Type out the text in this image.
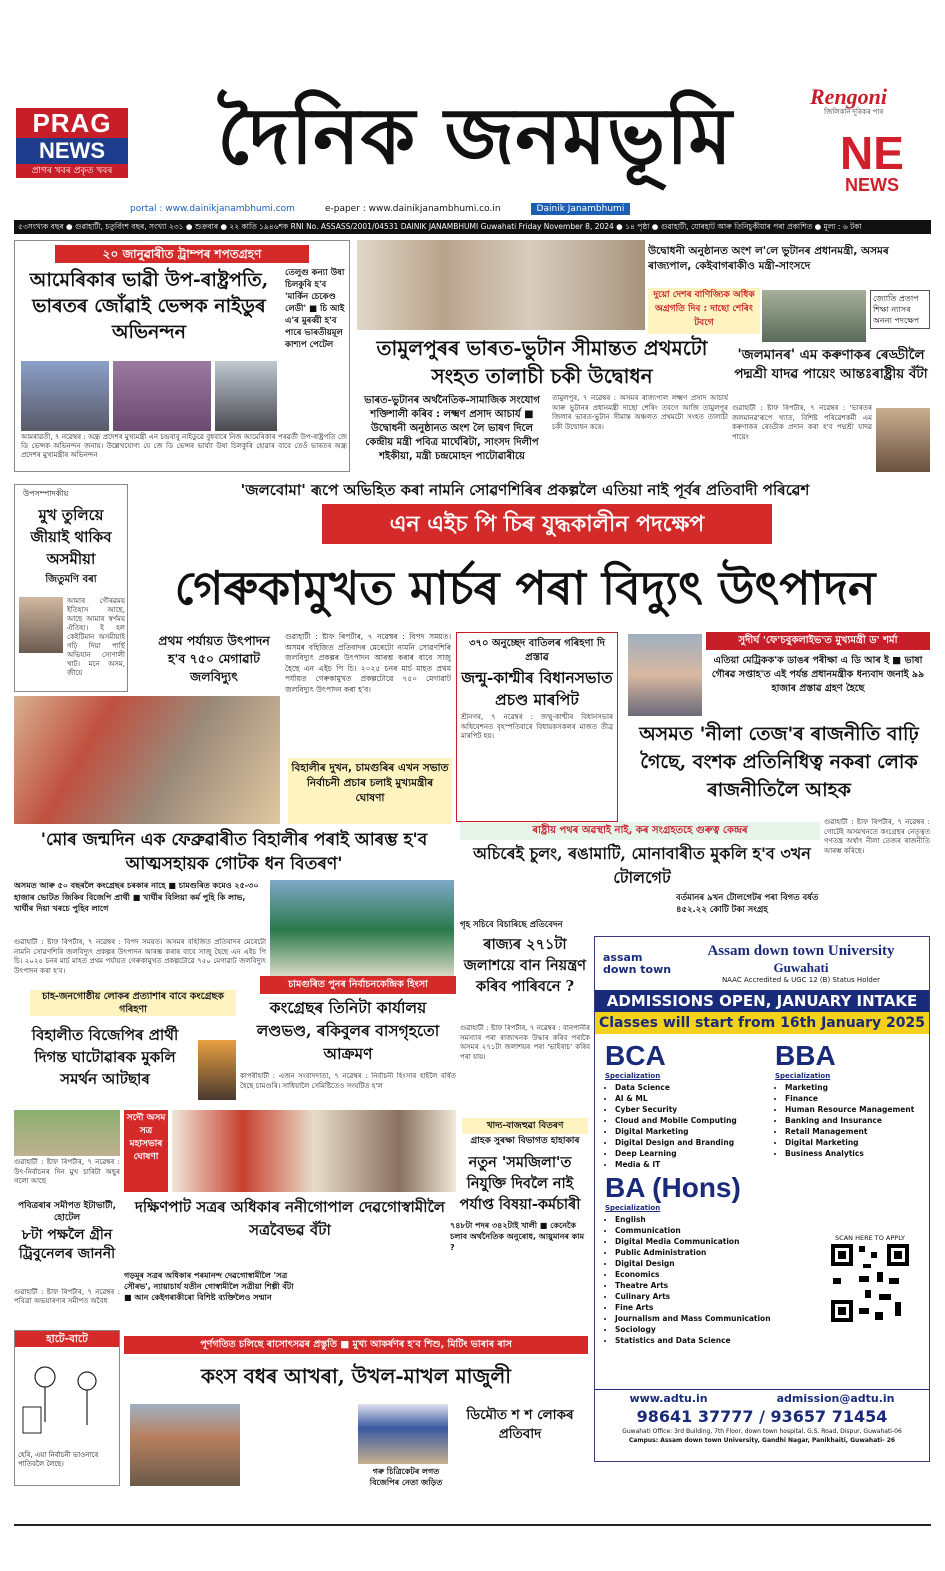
PRAG
NEWS
প্ৰাগৰ খবৰ প্ৰকৃত খবৰ	দৈনিক জনমভূমি	Rengoni
জিলিকনি দূৰিকৰ পাৰ
NE
NEWS
portal : www.dainikjanambhumi.com	e-paper : www.dainikjanambhumi.co.in	Dainik Janambhumi
৫৩সংখ্যক বছৰ ● গুৱাহাটী, চতুৰ্বিংশ বছৰ, সংখ্যা ২৩১ ● শুক্ৰবাৰ ● ২২ কাতি ১৯৪৬শক RNI No. ASSASS/2001/04531 DAINIK JANAMBHUMI Guwahati Friday November 8, 2024 ● ১৪ পৃষ্ঠা ● গুৱাহাটী, যোৰহাট আৰু তিনিচুকীয়াৰ পৰা প্ৰকাশিত ● মূল্য : ৬ টকা
২০ জানুৱাৰীত ট্ৰাম্পৰ শপতগ্ৰহণ
আমেৰিকাৰ ভাৱী উপ-ৰাষ্ট্ৰপতি, ভাৰতৰ জোঁৱাই ভেন্সক নাইডুৰ অভিনন্দন
তেলুগু কন্যা উষা চিলকুৰি হ'ব 'মাৰ্কিন চেকেণ্ড লেডী' ■ চি আই এ'ৰ মুৰব্বী হ'ব পাৰে ভাৰতীয়মূল কাশ্যপ পেটেল
আমৰাৱতী, ৭ নৱেম্বৰ : অন্ধ্ৰ প্ৰদেশৰ মুখ্যমন্ত্ৰী এন চন্দ্ৰবাবু নাইডুৱে বুধবাৰে নিজ আমেৰিকাৰ পৰৱৰ্তী উপ-ৰাষ্ট্ৰপতি জে ডি ভেন্সক অভিনন্দন জনায়। উল্লেখযোগ্য যে জে ডি ভেন্সৰ ভাৰ্য্যা উষা চিলকুৰি হোৱাৰ বাবে তেওঁ ভাৰতৰ অন্ধ্ৰ প্ৰদেশৰ মুখ্যমন্ত্ৰীৰ অভিনন্দন
তামুলপুৰৰ ভাৰত-ভুটান সীমান্তত প্ৰথমটো সংহত তালাচী চকী উদ্বোধন
ভাৰত-ভুটানৰ অৰ্থনৈতিক-সামাজিক সংযোগ শক্তিশালী কৰিব : লক্ষ্মণ প্ৰসাদ আচাৰ্য ■ উদ্বোধনী অনুষ্ঠানত অংশ লৈ ভাষণ দিলে কেন্দ্ৰীয় মন্ত্ৰী পবিত্ৰ মাৰ্ঘেৰিটা, সাংসদ দিলীপ শইকীয়া, মন্ত্ৰী চন্দ্ৰমোহন পাটোৱাৰীয়ে
তামুলপুৰ, ৭ নৱেম্বৰ : অসমৰ ৰাজ্যপাল লক্ষ্মণ প্ৰসাদ আচাৰ্য আৰু ভুটানৰ প্ৰধানমন্ত্ৰী দাছো শেৰিং তবগে আজি তামুলপুৰ জিলাৰ ভাৰত-ভুটান সীমান্ত অঞ্চলত প্ৰথমটো সংহত তালাচী চকী উদ্বোধন কৰে।
উদ্বোধনী অনুষ্ঠানত অংশ ল'লে ভুটানৰ প্ৰধানমন্ত্ৰী, অসমৰ ৰাজ্যপাল, কেইবাগৰাকীও মন্ত্ৰী-সাংসদে
দুয়ো দেশৰ বাণিজ্যিক অধিক অগ্ৰগতি দিব : দাছো শেৰিং টবগে
জ্যোতি প্ৰতাপ শিক্ষা ন্যাসৰ অনন্য পদক্ষেপ
'জলমানৰ' এম কৰুণাকৰ ৰেড্ডীলৈ পদ্মশ্ৰী যাদৱ পায়েং আন্তঃৰাষ্ট্ৰীয় বঁটা
গুৱাহাটী : ষ্টাফ ৰিপৰ্টাৰ, ৭ নৱেম্বৰ : 'ভাৰতৰ জলমানৱ'ৰূপে খ্যাত, বিশিষ্ট পৰিৱেশকৰ্মী এম কৰুণাকৰ ৰেড্ডীক প্ৰদান কৰা হ'ব পদ্মশ্ৰী যাদৱ পায়েং
'জলবোমা' ৰূপে অভিহিত কৰা নামনি সোৱণশিৰিৰ প্ৰকল্পলৈ এতিয়া নাই পূৰ্বৰ প্ৰতিবাদী পৰিৱেশ
এন এইচ পি চিৰ যুদ্ধকালীন পদক্ষেপ
গেৰুকামুখত মাৰ্চৰ পৰা বিদ্যুৎ উৎপাদন
উপসম্পাদকীয়
মুখ তুলিয়ে জীয়াই থাকিব অসমীয়া
জিতুমণি বৰা
আমাৰ গৌৰৱময় ইতিহাস আছে, আছে আমাৰ স্বৰ্ণময় ঐতিহ্য। ই হল কেইটিমান অসমীয়াই গঢ়ি দিয়া পাৰ্ছি অভিযান সোণালী খাট। মনে অসম, জীয়ে
প্ৰথম পৰ্যায়ত উৎপাদন হ'ব ৭৫০ মেগাৱাট জলবিদ্যুৎ
গুৱাহাটী : ষ্টাফ ৰিপৰ্টাৰ, ৭ নৱেম্বৰ : বিপদ সময়ত। অসমৰ বহিজিত প্ৰতিবাদৰ মেৰেটো নামনি সোৱণশিৰি জলবিদ্যুৎ প্ৰকল্পৰ উৎপাদন আৰম্ভ কৰাৰ বাবে সাজু হৈছে এন এইচ পি চি। ২০২৫ চনৰ মাৰ্চ মাহত প্ৰথম পৰ্যায়ত গেৰুকামুখত প্ৰকল্পটোৱে ৭৫০ মেগাৱাট জলবিদ্যুৎ উৎপাদন কৰা হ'ব।
বিহালীৰ দুখন, চামগুৰিৰ এখন সভাত নিৰ্বাচনী প্ৰচাৰ চলাই মুখ্যমন্ত্ৰীৰ ঘোষণা
৩৭০ অনুচ্ছেদ বাতিলৰ গৰিহণা দি প্ৰস্তাৱ
জন্মু-কাশ্মীৰ বিধানসভাত প্ৰচণ্ড মাৰপিট
শ্ৰীনগৰ, ৭ নৱেম্বৰ : জম্মু-কাশ্মীৰ বিধানসভাৰ অধিবেশনত বৃহস্পতিবাৰে বিধায়কসকলৰ মাজত তীব্ৰ মাৰপিট হয়।
সুদীৰ্ঘ 'ফে'চবুকলাইভ'ত মুখ্যমন্ত্ৰী ড' শৰ্মা
এতিয়া মেট্ৰিকক'ক ডাঙৰ পৰীক্ষা এ ডি আৰ ই ■ ভাষা গৌৰৱ সপ্তাহ'ত এই পৰ্যন্ত প্ৰধানমন্ত্ৰীক ধন্যবাদ জনাই ৯৯ হাজাৰ প্ৰস্তাৱ গ্ৰহণ হৈছে
অসমত 'নীলা তেজ'ৰ ৰাজনীতি বাঢ়ি গৈছে, বংশক প্ৰতিনিধিত্ব নকৰা লোক ৰাজনীতিলৈ আহক
গুৱাহাটী : ষ্টাফ ৰিপৰ্টাৰ, ৭ নৱেম্বৰ : গোটেই অসমখনতে কংগ্ৰেছৰ নেতৃত্বত গণতন্ত্ৰ অৰ্থাৎ নীলা তেজৰ ৰাজনীতি আৰম্ভ কৰিছে।
'মোৰ জন্মদিন এক ফেব্ৰুৱাৰীত বিহালীৰ পৰাই আৰম্ভ হ'ব আত্মসহায়ক গোটক ধন বিতৰণ'
অসমত আৰু ৫০ বছৰলৈ কংগ্ৰেছৰ চৰকাৰ নাহে ■ চামগুৰিত কমেও ২৫-৩০ হাজাৰ ভোটত জিকিব বিজেপি প্ৰাৰ্থী ■ খাৰ্ঘীৰ বিলিয়া কৰ্ম পুহি কি লাভ, খাৰ্ঘীৰ দিয়া খৰচে পুহিব লাগে
গুৱাহাটী : ষ্টাফ ৰিপৰ্টাৰ, ৭ নৱেম্বৰ : বিপদ সময়ত। অসমৰ বহিজিত প্ৰতিবাদৰ মেৰেটো নামনি সোৱণশিৰি জলবিদ্যুৎ প্ৰকল্পৰ উৎপাদন আৰম্ভ কৰাৰ বাবে সাজু হৈছে এন এইচ পি চি। ২০২৫ চনৰ মাৰ্চ মাহত প্ৰথম পৰ্যায়ত গেৰুকামুখত প্ৰকল্পটোৱে ৭৫০ মেগাৱাট জলবিদ্যুৎ উৎপাদন কৰা হ'ব।
ৰাষ্ট্ৰীয় পথৰ অৱস্থাই নাই, কৰ সংগ্ৰহতহে গুৰুত্ব কেন্দ্ৰৰ
অচিৰেই চুলং, ৰঙামাটি, মোনাবাৰীত মুকলি হ'ব ৩খন টোলগেট
বৰ্তমানৰ ৯খন টোলগেটৰ পৰা বিগত বৰ্ষত ৪৫২.২২ কোটি টকা সংগ্ৰহ
গৃহ সচিবে বিচাৰিছে প্ৰতিবেদন
ৰাজ্যৰ ২৭১টা জলাশয়ে বান নিয়ন্ত্ৰণ কৰিব পাৰিবনে ?
গুৱাহাটী : ষ্টাফ ৰিপৰ্টাৰ, ৭ নৱেম্বৰ : বানপানীৰ সমস্যাৰ পৰা ৰাজ্যখনক উদ্ধাৰ কৰিব পৰাকৈ অসমৰ ২৭১টা জলাশয়ৰ পৰা 'ভাইৰাচ' কৰিব পৰা যায়।
চামগুৰিত পুনৰ নিৰ্বাচনকেন্দ্ৰিক হিংসা
কংগ্ৰেছৰ তিনিটা কাৰ্যালয় লণ্ডভণ্ড, ৰকিবুলৰ বাসগৃহতো আক্ৰমণ
কাপৰীহাটী : এজন সংবাদদাতা, ৭ নৱেম্বৰ : নিৰ্বাচনী হিংসাৰ হাইলৈ বৰ্ষিত হৈছে চামগুৰি। সাধিয়ালৈ সেমিষ্টিতেও সংঘটিত হ'ল
চাহ-জনগোষ্ঠীয় লোকৰ প্ৰত্যাশাৰ বাবে কংগ্ৰেছক গৰিহণা
বিহালীত বিজেপিৰ প্ৰাৰ্থী দিগন্ত ঘাটোৱাৰক মুকলি সমৰ্থন আটছাৰ
গুৱাহাটী : ষ্টাফ ৰিপৰ্টাৰ, ৭ নৱেম্বৰ : উৎ-নিৰ্বাচনৰ দিন মুখ চাৰিটা অছুৰ গলো আছে
পবিত্ৰৰাৰ সমীপত ইটাভাটী, হোটেল
৮টা পক্ষলৈ গ্ৰীন ট্ৰিবুনেলৰ জাননী
গুৱাহাটী : ষ্টাফ ৰিপৰ্টাৰ, ৭ নৱেম্বৰ : পবিত্ৰা অভয়াৰণ্যৰ সমীপত অবৈধ
সদৌ অসম সত্ৰ মহাসভাৰ ঘোষণা
দক্ষিণপাট সত্ৰৰ অধিকাৰ ননীগোপাল দেৱগোস্বামীলৈ সত্ৰবৈভৱ বঁটা
গড়মূৰ সত্ৰৰ অধিকাৰ পৰমানন্দ দেৱগোস্বামীলৈ 'সত্ৰ সৌৰভ', ন্যায়াচাৰ্য যতীন গোস্বামীলৈ সত্ৰীয়া শিল্পী বঁটা ■ আন কেইগৰাকীৰো বিশিষ্ট ব্যক্তিলৈও সন্মান
খাদ্য-বাজহুৱা বিতৰণ
গ্ৰাহক সুৰক্ষা বিভাগত হাহাকাৰ
নতুন 'সমজিলা'ত নিযুক্তি দিবলৈ নাই পৰ্যাপ্ত বিষয়া-কৰ্মচাৰী
৭৪৮টা পদৰ ৩৪২টাই খালী ■ কেনেকৈ চলাব অৰ্থনৈতিক অনুৰোধ, আয়ুমানৰ কাম ?
পূৰ্ণগতিত চলিছে ৰাসোৎসৱৰ প্ৰস্তুতি ■ মুখ্য আকৰ্ষণৰ হ'ব শিশু, মিটিং ভাৰাৰ ৰাস
কংস বধৰ আখৰা, উখল-মাখল মাজুলী
ডিমৌত শ শ লোকৰ প্ৰতিবাদ
গৰু চিত্ৰিকেটৰ লগত বিজেপিৰ নেতা জড়িত
হাটে-বাটে
হেৰি, এয়া নিৰ্বাচনী ভাওনাৰে পাতিবলৈ লৈছে।
assam down town
Assam down town University
Guwahati
NAAC Accredited & UGC 12 (B) Status Holder
ADMISSIONS OPEN, JANUARY INTAKE
Classes will start from 16th January 2025
BCA
Specialization
• Data Science
• AI & ML
• Cyber Security
• Cloud and Mobile Computing
• Digital Marketing
• Digital Design and Branding
• Deep Learning
• Media & IT
BBA
Specialization
• Marketing
• Finance
• Human Resource Management
• Banking and Insurance
• Retail Management
• Digital Marketing
• Business Analytics
BA (Hons)
Specialization
• English
• Communication
• Digital Media Communication
• Public Administration
• Digital Design
• Economics
• Theatre Arts
• Culinary Arts
• Fine Arts
• Journalism and Mass Communication
• Sociology
• Statistics and Data Science
SCAN HERE TO APPLY
www.adtu.in	admission@adtu.in
98641 37777 / 93657 71454
Guwahati Office: 3rd Building, 7th Floor, down town hospital, G.S. Road, Dispur, Guwahati-06
Campus: Assam down town University, Gandhi Nagar, Panikhaiti, Guwahati- 26
